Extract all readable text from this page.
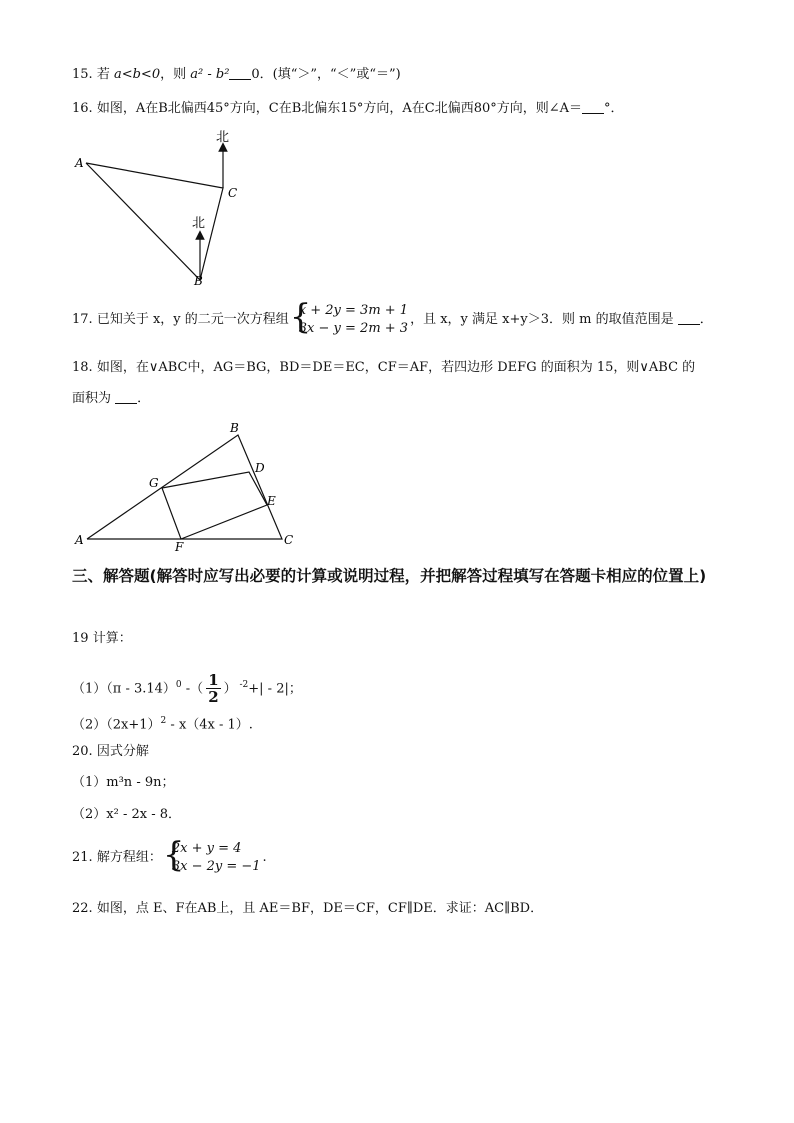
15. 若 a<b<0，则 a² - b² 0．(填“＞”，“＜”或“＝”)
16. 如图，A在B北偏西45°方向，C在B北偏东15°方向，A在C北偏西80°方向，则∠A＝ °．
北
北
A
B
C
17. 已知关于 x，y 的二元一次方程组 {
x + 2y = 3m + 1
3x − y = 2m + 3
，且 x，y 满足 x+y＞3．则 m 的取值范围是 ．
18. 如图，在∨ABC中，AG＝BG，BD＝DE＝EC，CF＝AF，若四边形 DEFG 的面积为 15，则∨ABC 的
面积为 ．
A
B
C
D
E
F
G
三、解答题(解答时应写出必要的计算或说明过程，并把解答过程填写在答题卡相应的位置上)
19 计算：
（1）（π - 3.14）$^0$ -（ $\frac{1}{2}$ ） $^{-2}$+| - 2|；
$(2)(2x+1)^2 - x(4x - 1)$.
20. 因式分解
（1）m³n - 9n；
（2）x² - 2x - 8．
21. 解方程组： {
2x + y = 4
3x − 2y = −1
.
22. 如图，点 E、F在AB上，且 AE＝BF，DE＝CF，CF∥DE．求证：AC∥BD．
